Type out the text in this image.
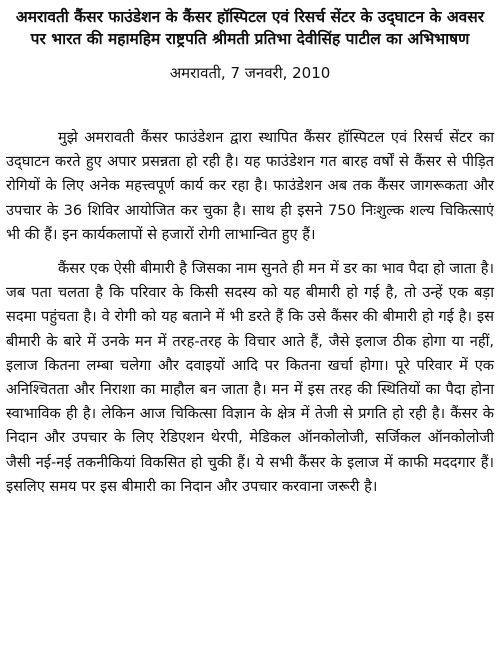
अमरावती कैंसर फाउंडेशन के कैंसर हॉस्पिटल एवं रिसर्च सेंटर के उद्‌घाटन के अवसर पर भारत की महामहिम राष्ट्रपति श्रीमती प्रतिभा देवीसिंह पाटील का अभिभाषण

अमरावती, 7 जनवरी, 2010

मुझे अमरावती कैंसर फाउंडेशन द्वारा स्थापित कैंसर हॉस्पिटल एवं रिसर्च सेंटर का उद्‌घाटन करते हुए अपार प्रसन्नता हो रही है। यह फाउंडेशन गत बारह वर्षों से कैंसर से पीड़ित रोगियों के लिए अनेक महत्त्वपूर्ण कार्य कर रहा है। फाउंडेशन अब तक कैंसर जागरूकता और उपचार के 36 शिविर आयोजित कर चुका है। साथ ही इसने 750 निःशुल्क शल्य चिकित्साएं भी की हैं। इन कार्यकलापों से हजारों रोगी लाभान्वित हुए हैं।

कैंसर एक ऐसी बीमारी है जिसका नाम सुनते ही मन में डर का भाव पैदा हो जाता है। जब पता चलता है कि परिवार के किसी सदस्य को यह बीमारी हो गई है, तो उन्हें एक बड़ा सदमा पहुंचता है। वे रोगी को यह बताने में भी डरते हैं कि उसे कैंसर की बीमारी हो गई है। इस बीमारी के बारे में उनके मन में तरह-तरह के विचार आते हैं, जैसे इलाज ठीक होगा या नहीं, इलाज कितना लम्बा चलेगा और दवाइयों आदि पर कितना खर्चा होगा। पूरे परिवार में एक अनिश्चितता और निराशा का माहौल बन जाता है। मन में इस तरह की स्थितियों का पैदा होना स्वाभाविक ही है। लेकिन आज चिकित्सा विज्ञान के क्षेत्र में तेजी से प्रगति हो रही है। कैंसर के निदान और उपचार के लिए रेडिएशन थेरपी, मेडिकल ऑनकोलोजी, सर्जिकल ऑनकोलोजी जैसी नई-नई तकनीकियां विकसित हो चुकी हैं। ये सभी कैंसर के इलाज में काफी मददगार हैं। इसलिए समय पर इस बीमारी का निदान और उपचार करवाना जरूरी है।
